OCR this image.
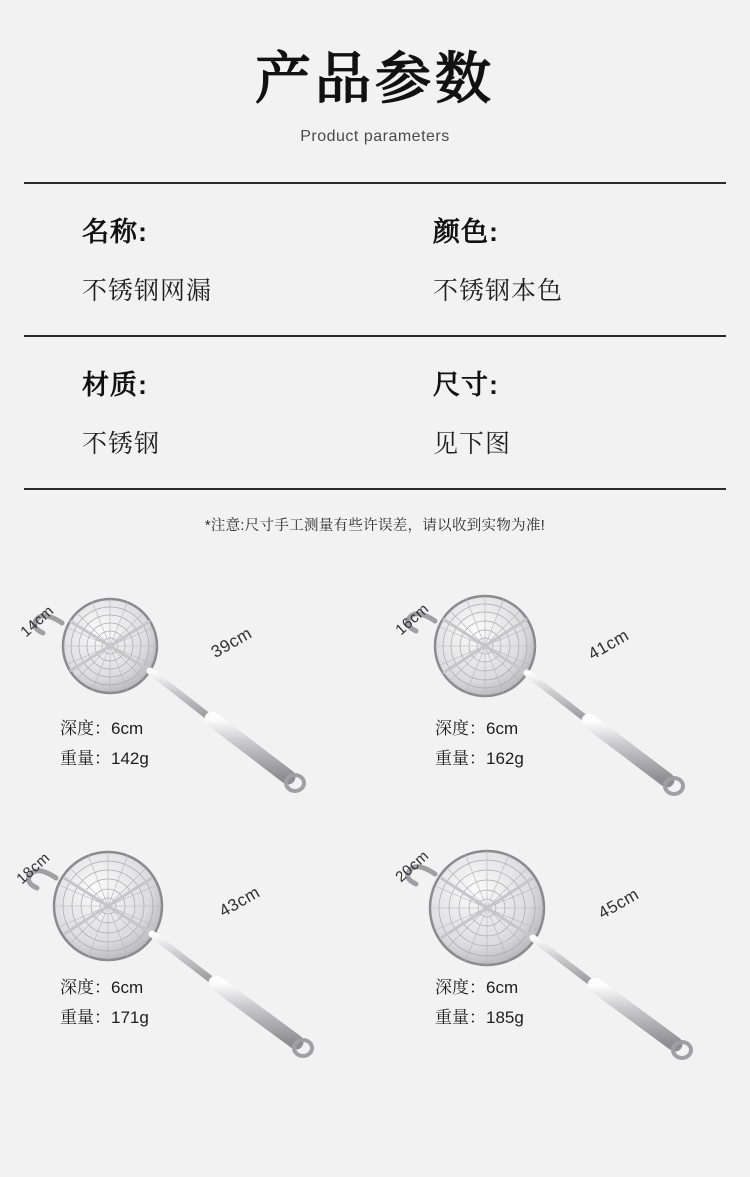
产品参数
Product parameters
名称:
不锈钢网漏
颜色:
不锈钢本色
材质:
不锈钢
尺寸:
见下图
*注意:尺寸手工测量有些许误差，请以收到实物为准!
14cm
39cm
深度：6cm
重量：142g
16cm
41cm
深度：6cm
重量：162g
18cm
43cm
深度：6cm
重量：171g
20cm
45cm
深度：6cm
重量：185g
